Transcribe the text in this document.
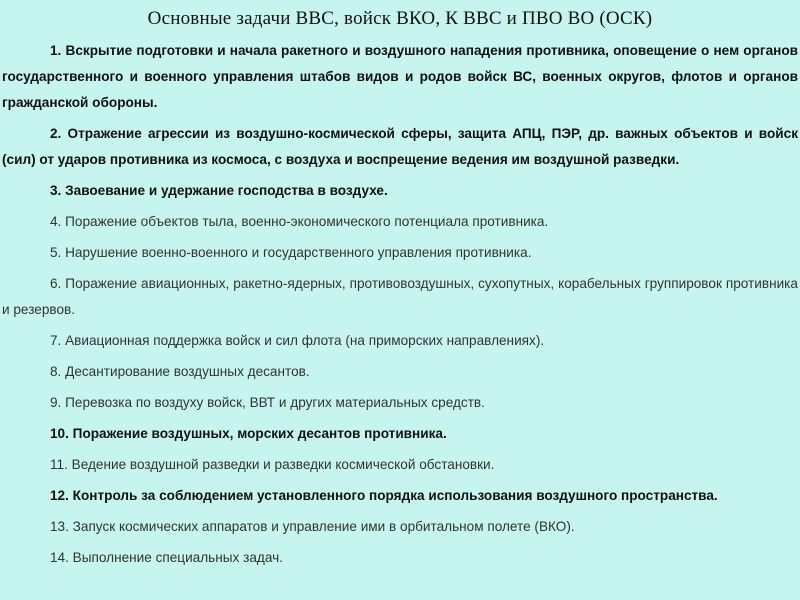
Основные задачи ВВС, войск ВКО, К ВВС и ПВО ВО (ОСК)

1. Вскрытие подготовки и начала ракетного и воздушного нападения противника, оповещение о нем органов государственного и военного управления штабов видов и родов войск ВС, военных округов, флотов и органов гражданской обороны.

2. Отражение агрессии из воздушно-космической сферы, защита АПЦ, ПЭР, др. важных объектов и войск (сил) от ударов противника из космоса, с воздуха и воспрещение ведения им воздушной разведки.

3. Завоевание и удержание господства в воздухе.

4. Поражение объектов тыла, военно-экономического потенциала противника.

5. Нарушение военно-военного и государственного управления противника.

6. Поражение авиационных, ракетно-ядерных, противовоздушных, сухопутных, корабельных группировок противника и резервов.

7. Авиационная поддержка войск и сил флота (на приморских направлениях).

8. Десантирование воздушных десантов.

9. Перевозка по воздуху войск, ВВТ и других материальных средств.

10. Поражение воздушных, морских десантов противника.

11. Ведение воздушной разведки и разведки космической обстановки.

12. Контроль за соблюдением установленного порядка использования воздушного пространства.

13. Запуск космических аппаратов и управление ими в орбитальном полете (ВКО).

14. Выполнение специальных задач.
